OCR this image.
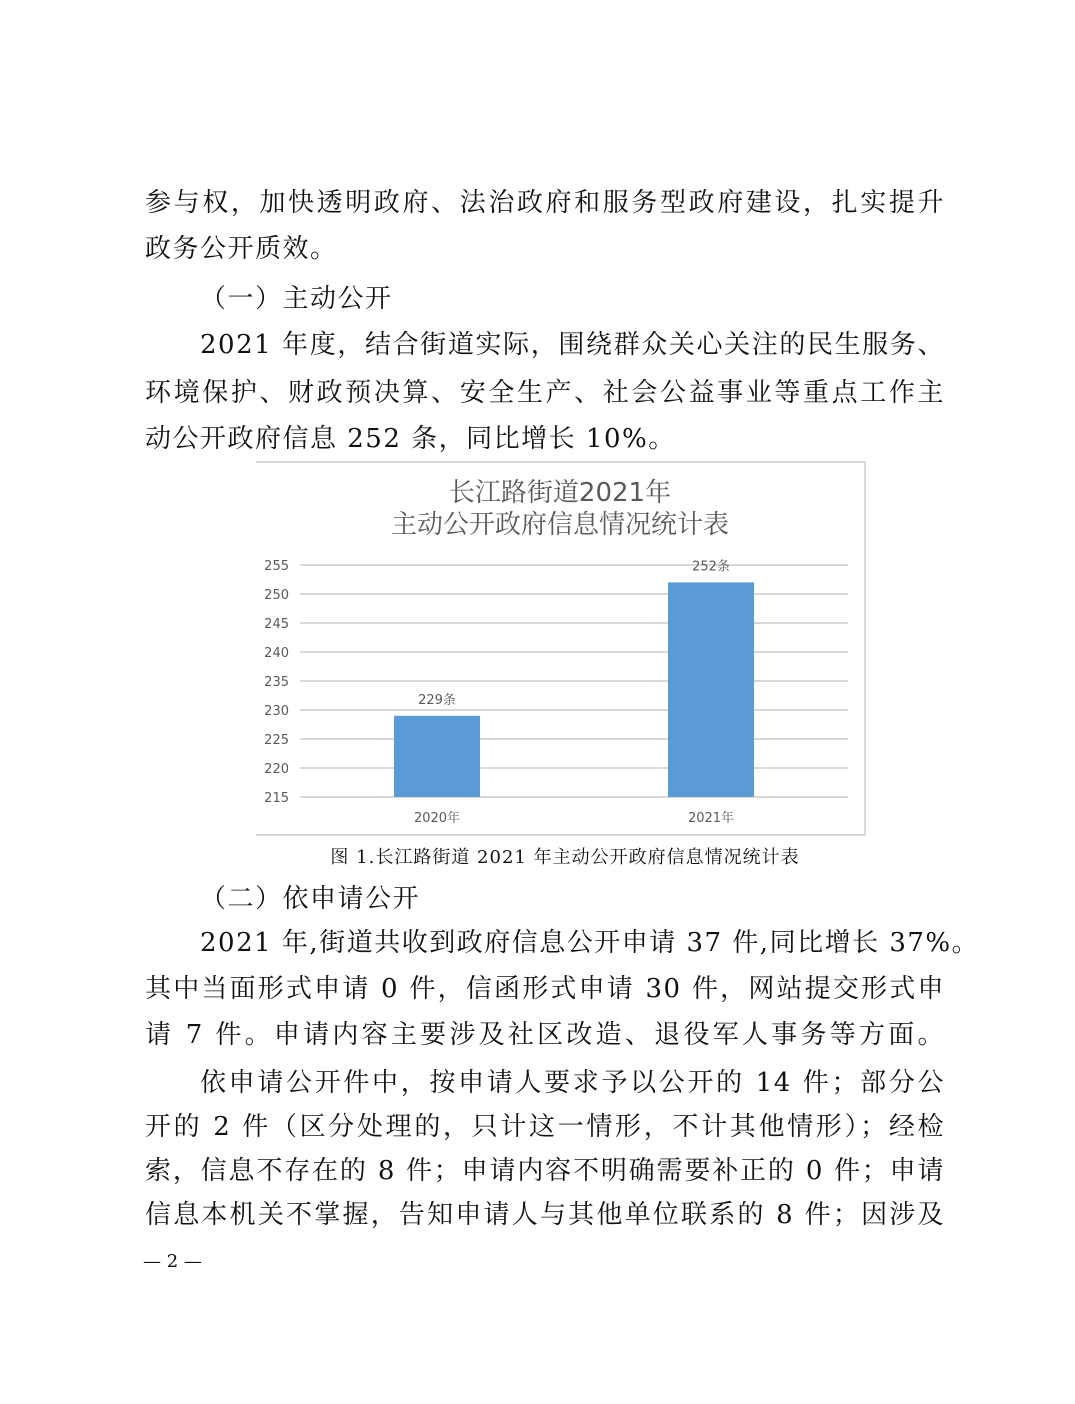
参与权，加快透明政府、法治政府和服务型政府建设，扎实提升
政务公开质效。
（一）主动公开
2021 年度，结合街道实际，围绕群众关心关注的民生服务、
环境保护、财政预决算、安全生产、社会公益事业等重点工作主
动公开政府信息 252 条，同比增长 10%。
长江路街道2021年
主动公开政府信息情况统计表
255
250
245
240
235
230
225
220
215
229条
2020年
252条
2021年
图 1.长江路街道 2021 年主动公开政府信息情况统计表
（二）依申请公开
2021 年,街道共收到政府信息公开申请 37 件,同比增长 37%。
其中当面形式申请 0 件，信函形式申请 30 件，网站提交形式申
请 7 件。申请内容主要涉及社区改造、退役军人事务等方面。
依申请公开件中，按申请人要求予以公开的 14 件；部分公
开的 2 件（区分处理的，只计这一情形，不计其他情形）；经检
索，信息不存在的 8 件；申请内容不明确需要补正的 0 件；申请
信息本机关不掌握，告知申请人与其他单位联系的 8 件；因涉及
— 2 —
